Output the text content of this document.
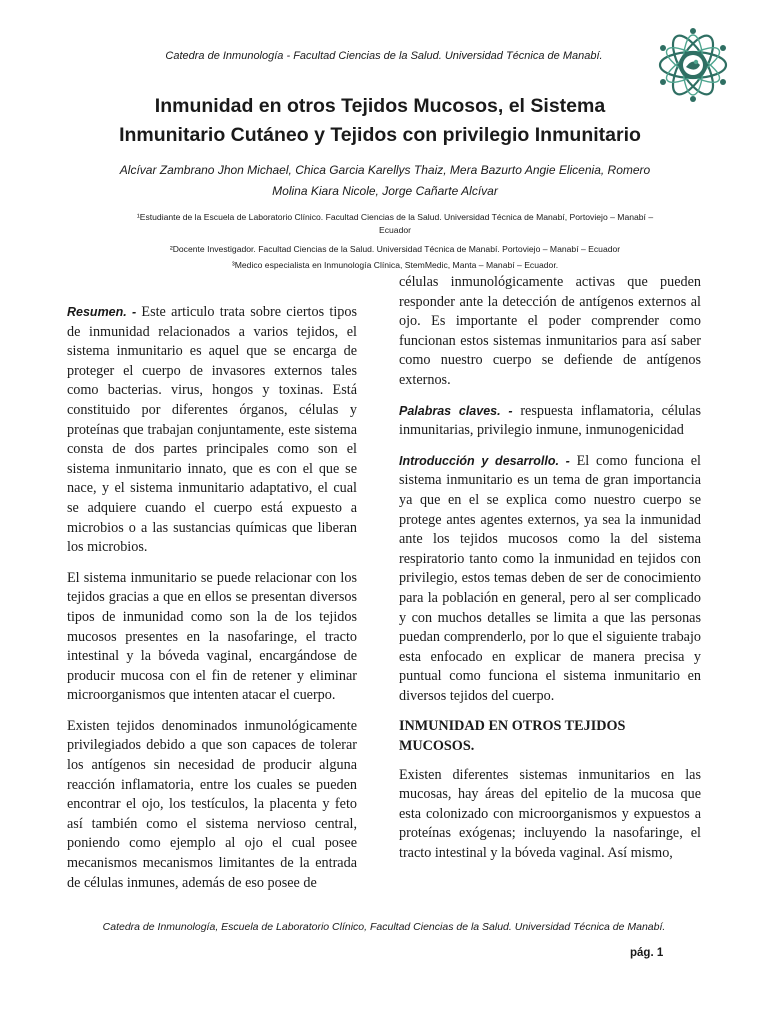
Catedra de Inmunología - Facultad Ciencias de la Salud. Universidad Técnica de Manabí.
Inmunidad en otros Tejidos Mucosos, el Sistema
Inmunitario Cutáneo y Tejidos con privilegio Inmunitario
Alcívar Zambrano Jhon Michael, Chica Garcia Karellys Thaiz, Mera Bazurto Angie Elicenia, Romero
Molina Kiara Nicole, Jorge Cañarte Alcívar
¹Estudiante de la Escuela de Laboratorio Clínico. Facultad Ciencias de la Salud. Universidad Técnica de Manabí, Portoviejo – Manabí – Ecuador
²Docente Investigador. Facultad Ciencias de la Salud. Universidad Técnica de Manabí. Portoviejo – Manabí – Ecuador
³Medico especialista en Inmunología Clínica, StemMedic, Manta – Manabí – Ecuador.

Resumen. - Este articulo trata sobre ciertos tipos de inmunidad relacionados a varios tejidos, el sistema inmunitario es aquel que se encarga de proteger el cuerpo de invasores externos tales como bacterias. virus, hongos y toxinas. Está constituido por diferentes órganos, células y proteínas que trabajan conjuntamente, este sistema consta de dos partes principales como son el sistema inmunitario innato, que es con el que se nace, y el sistema inmunitario adaptativo, el cual se adquiere cuando el cuerpo está expuesto a microbios o a las sustancias químicas que liberan los microbios.

El sistema inmunitario se puede relacionar con los tejidos gracias a que en ellos se presentan diversos tipos de inmunidad como son la de los tejidos mucosos presentes en la nasofaringe, el tracto intestinal y la bóveda vaginal, encargándose de producir mucosa con el fin de retener y eliminar microorganismos que intenten atacar el cuerpo.

Existen tejidos denominados inmunológicamente privilegiados debido a que son capaces de tolerar los antígenos sin necesidad de producir alguna reacción inflamatoria, entre los cuales se pueden encontrar el ojo, los testículos, la placenta y feto así también como el sistema nervioso central, poniendo como ejemplo al ojo el cual posee mecanismos mecanismos limitantes de la entrada de células inmunes, además de eso posee de

células inmunológicamente activas que pueden responder ante la detección de antígenos externos al ojo. Es importante el poder comprender como funcionan estos sistemas inmunitarios para así saber como nuestro cuerpo se defiende de antígenos externos.

Palabras claves. - respuesta inflamatoria, células inmunitarias, privilegio inmune, inmunogenicidad

Introducción y desarrollo. - El como funciona el sistema inmunitario es un tema de gran importancia ya que en el se explica como nuestro cuerpo se protege antes agentes externos, ya sea la inmunidad ante los tejidos mucosos como la del sistema respiratorio tanto como la inmunidad en tejidos con privilegio, estos temas deben de ser de conocimiento para la población en general, pero al ser complicado y con muchos detalles se limita a que las personas puedan comprenderlo, por lo que el siguiente trabajo esta enfocado en explicar de manera precisa y puntual como funciona el sistema inmunitario en diversos tejidos del cuerpo.

INMUNIDAD EN OTROS TEJIDOS MUCOSOS.

Existen diferentes sistemas inmunitarios en las mucosas, hay áreas del epitelio de la mucosa que esta colonizado con microorganismos y expuestos a proteínas exógenas; incluyendo la nasofaringe, el tracto intestinal y la bóveda vaginal. Así mismo,

Catedra de Inmunología, Escuela de Laboratorio Clínico, Facultad Ciencias de la Salud. Universidad Técnica de Manabí.
pág. 1
